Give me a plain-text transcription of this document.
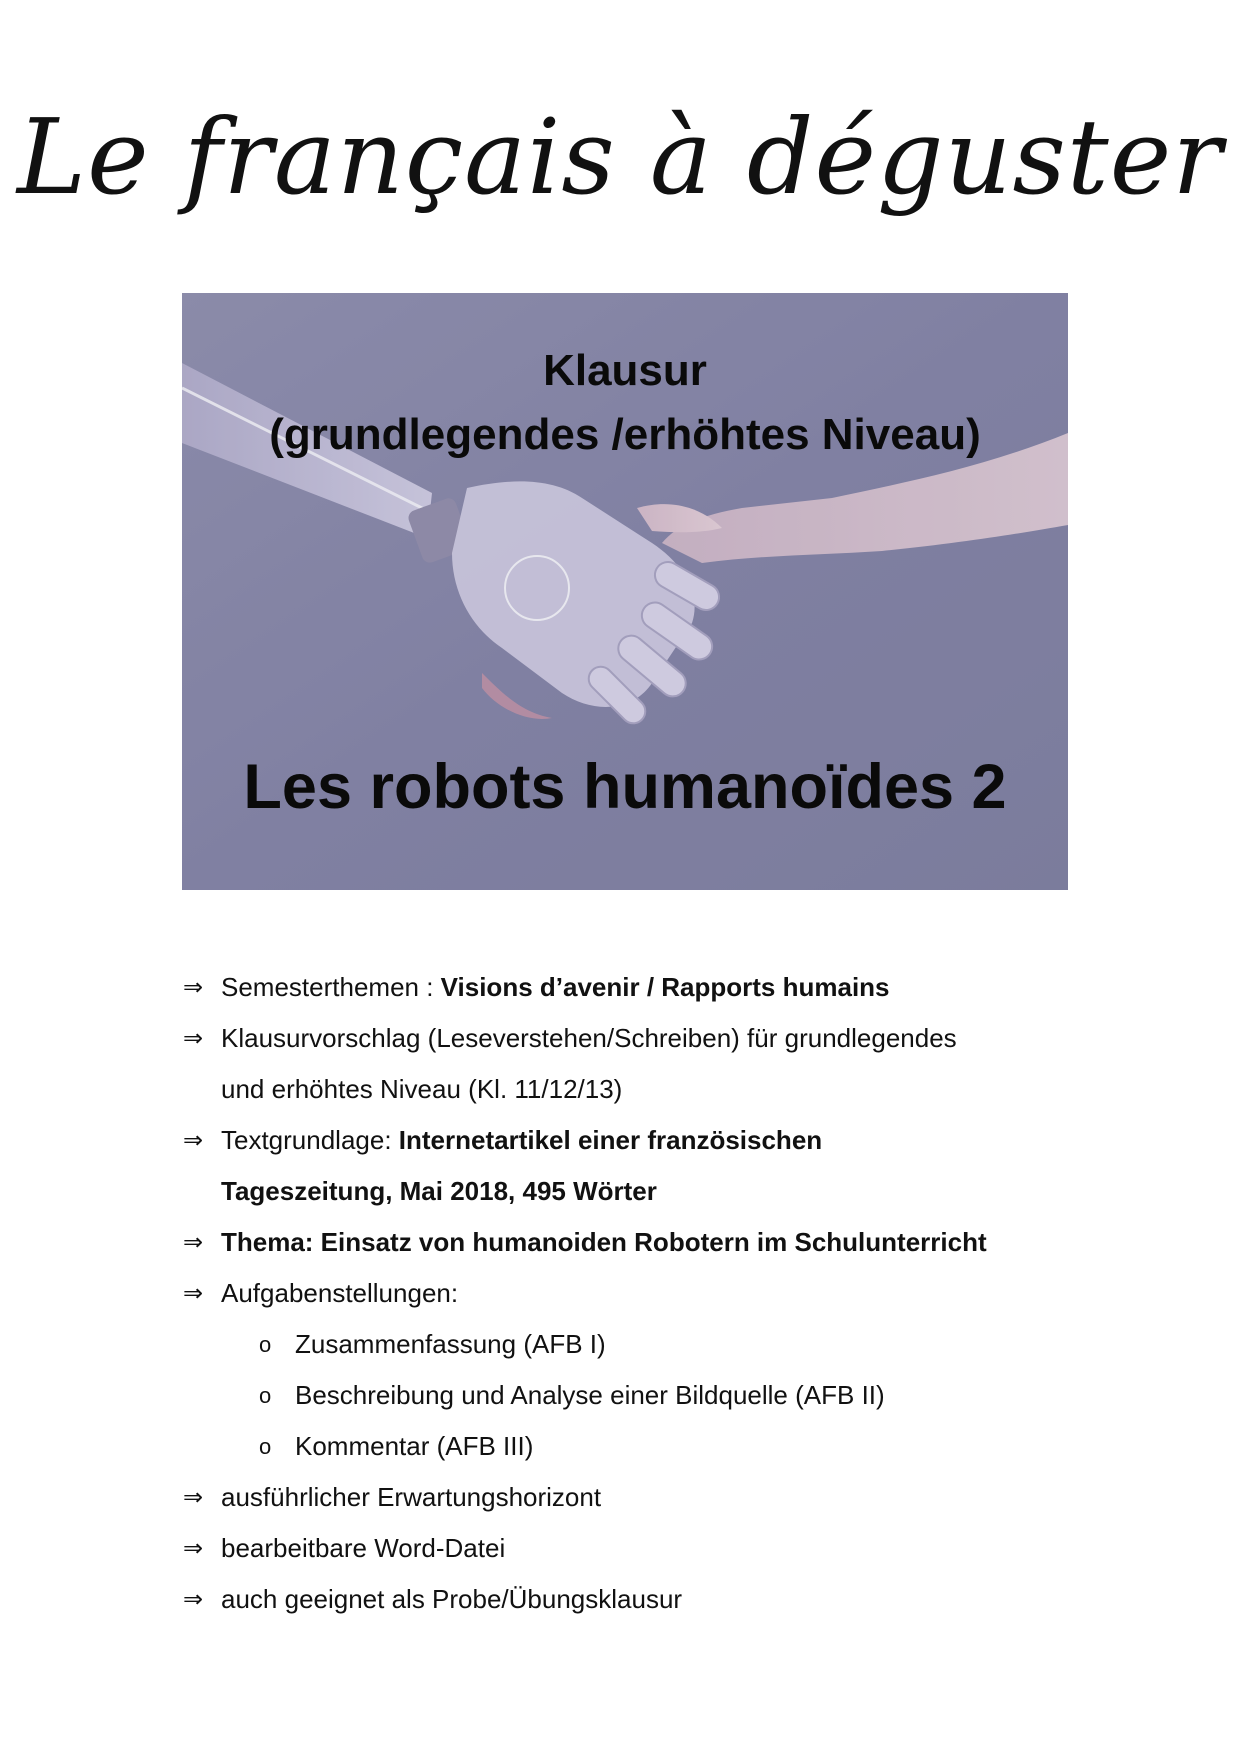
Le français à déguster
Klausur
(grundlegendes /erhöhtes Niveau)
Les robots humanoïdes 2
⇒ Semesterthemen : Visions d’avenir / Rapports humains
⇒ Klausurvorschlag (Leseverstehen/Schreiben) für grundlegendes
und erhöhtes Niveau (Kl. 11/12/13)
⇒ Textgrundlage: Internetartikel einer französischen
Tageszeitung, Mai 2018, 495 Wörter
⇒ Thema: Einsatz von humanoiden Robotern im Schulunterricht
⇒ Aufgabenstellungen:
o Zusammenfassung (AFB I)
o Beschreibung und Analyse einer Bildquelle (AFB II)
o Kommentar (AFB III)
⇒ ausführlicher Erwartungshorizont
⇒ bearbeitbare Word-Datei
⇒ auch geeignet als Probe/Übungsklausur
